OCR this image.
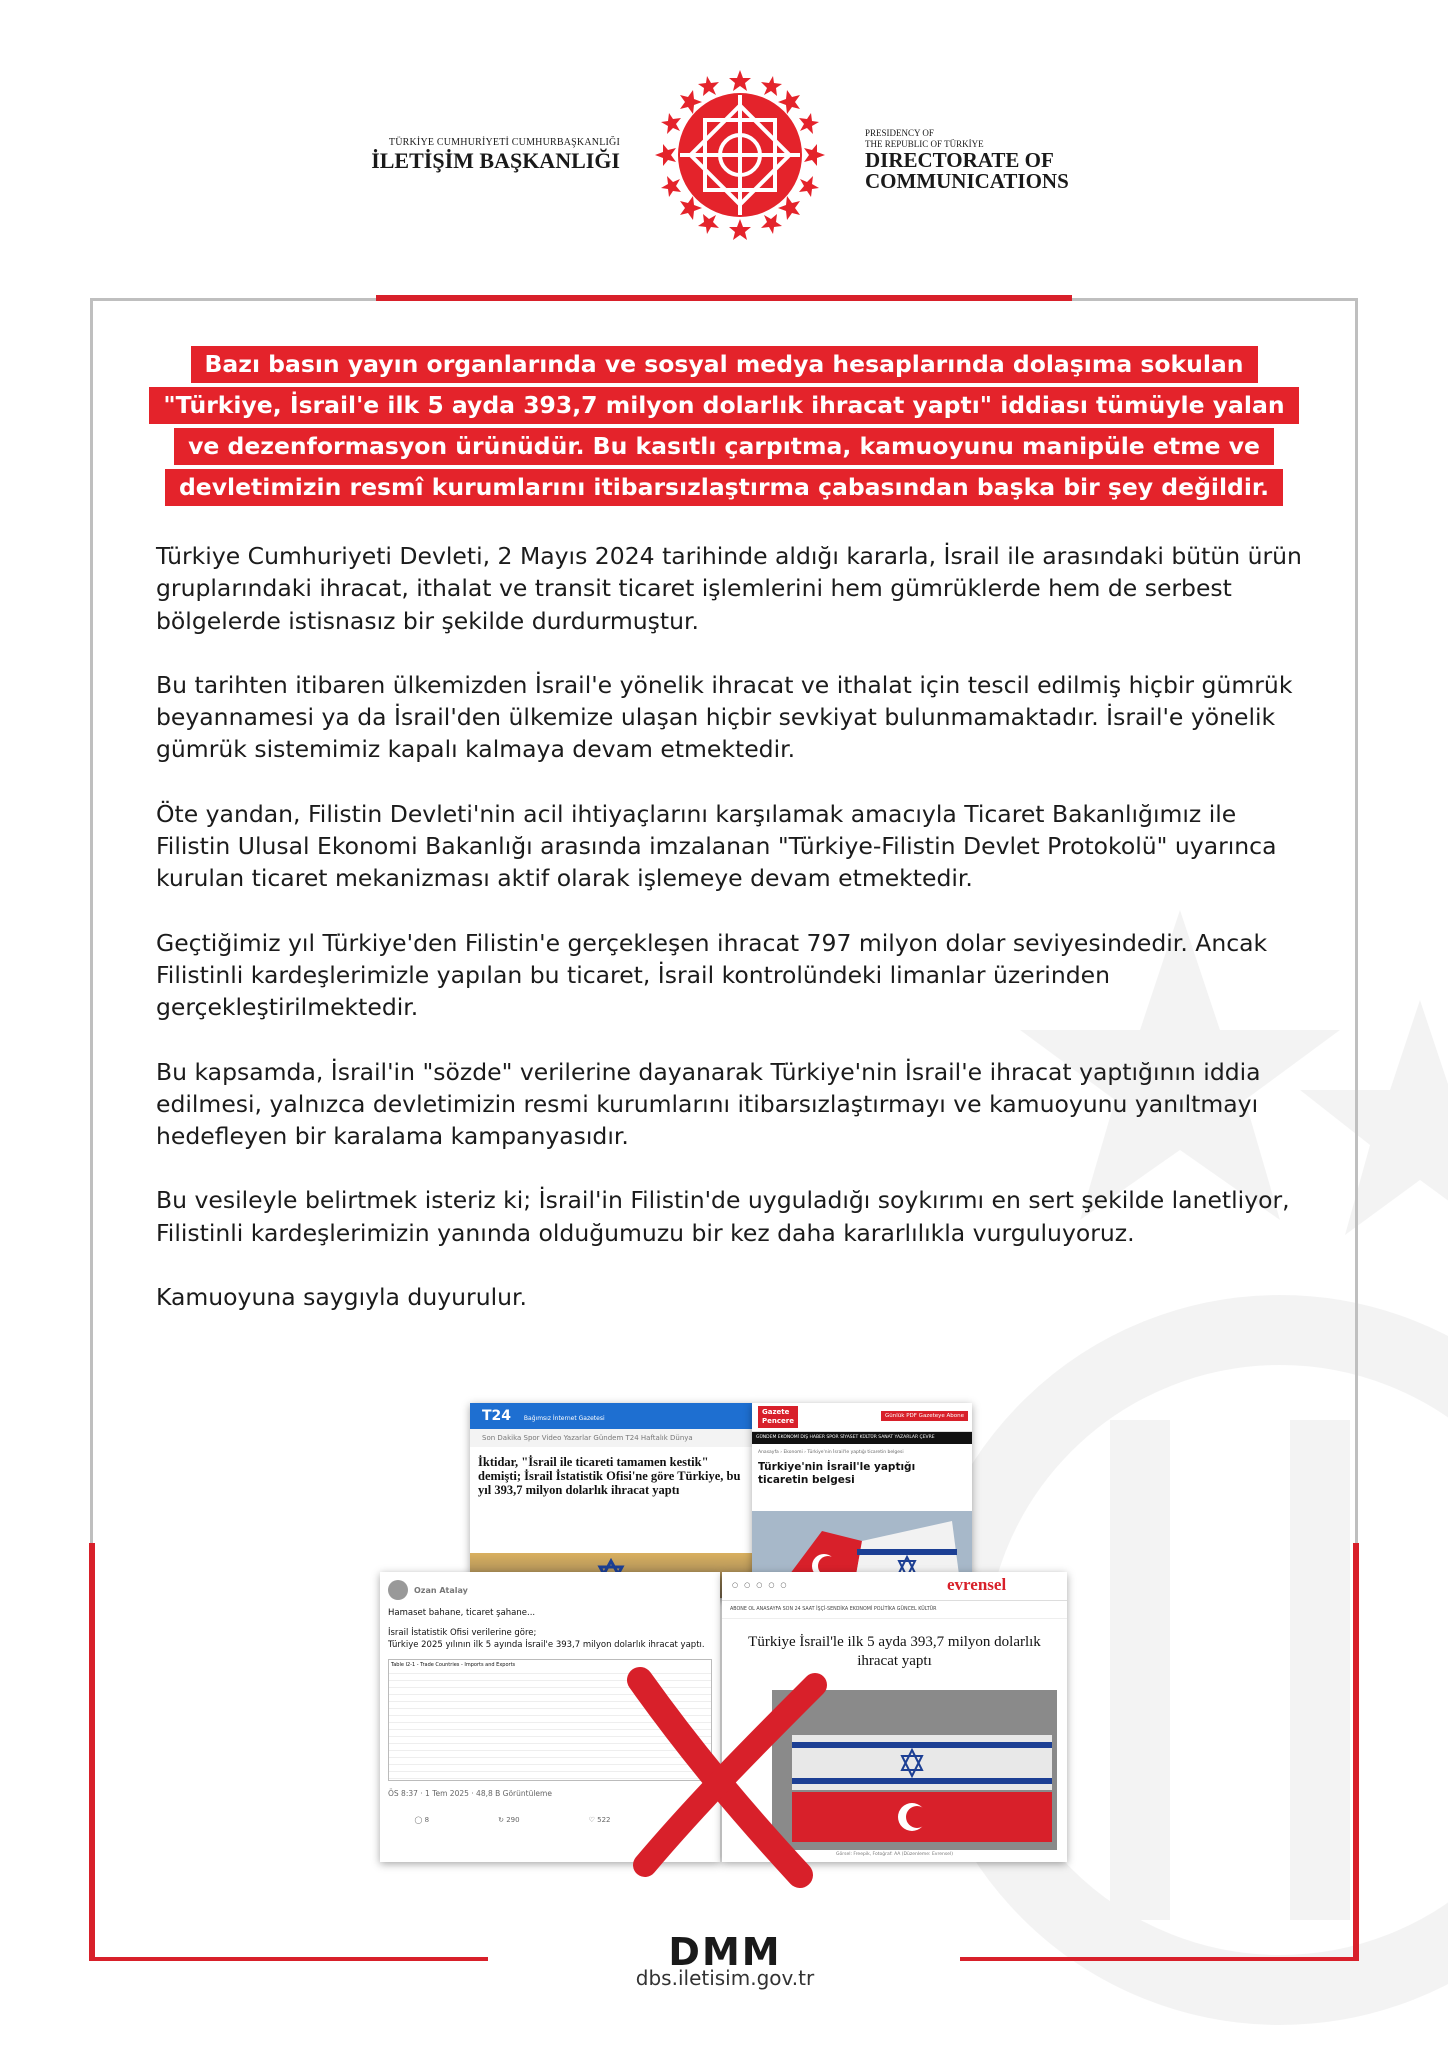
TÜRKİYE CUMHURİYETİ CUMHURBAŞKANLIĞI
İLETİŞİM BAŞKANLIĞI
PRESIDENCY OF
THE REPUBLIC OF TÜRKİYE
DIRECTORATE OF
COMMUNICATIONS
Bazı basın yayın organlarında ve sosyal medya hesaplarında dolaşıma sokulan
"Türkiye, İsrail'e ilk 5 ayda 393,7 milyon dolarlık ihracat yaptı" iddiası tümüyle yalan
ve dezenformasyon ürünüdür. Bu kasıtlı çarpıtma, kamuoyunu manipüle etme ve
devletimizin resmî kurumlarını itibarsızlaştırma çabasından başka bir şey değildir.

Türkiye Cumhuriyeti Devleti, 2 Mayıs 2024 tarihinde aldığı kararla, İsrail ile arasındaki bütün ürün gruplarındaki ihracat, ithalat ve transit ticaret işlemlerini hem gümrüklerde hem de serbest bölgelerde istisnasız bir şekilde durdurmuştur.

Bu tarihten itibaren ülkemizden İsrail'e yönelik ihracat ve ithalat için tescil edilmiş hiçbir gümrük beyannamesi ya da İsrail'den ülkemize ulaşan hiçbir sevkiyat bulunmamaktadır. İsrail'e yönelik gümrük sistemimiz kapalı kalmaya devam etmektedir.

Öte yandan, Filistin Devleti'nin acil ihtiyaçlarını karşılamak amacıyla Ticaret Bakanlığımız ile Filistin Ulusal Ekonomi Bakanlığı arasında imzalanan "Türkiye-Filistin Devlet Protokolü" uyarınca kurulan ticaret mekanizması aktif olarak işlemeye devam etmektedir.

Geçtiğimiz yıl Türkiye'den Filistin'e gerçekleşen ihracat 797 milyon dolar seviyesindedir. Ancak Filistinli kardeşlerimizle yapılan bu ticaret, İsrail kontrolündeki limanlar üzerinden gerçekleştirilmektedir.

Bu kapsamda, İsrail'in "sözde" verilerine dayanarak Türkiye'nin İsrail'e ihracat yaptığının iddia edilmesi, yalnızca devletimizin resmi kurumlarını itibarsızlaştırmayı ve kamuoyunu yanıltmayı hedefleyen bir karalama kampanyasıdır.

Bu vesileyle belirtmek isteriz ki; İsrail'in Filistin'de uyguladığı soykırımı en sert şekilde lanetliyor, Filistinli kardeşlerimizin yanında olduğumuzu bir kez daha kararlılıkla vurguluyoruz.

Kamuoyuna saygıyla duyurulur.

T24 Bağımsız İnternet Gazetesi
Son Dakika Spor Video Yazarlar Gündem T24 Haftalık Dünya
İktidar, "İsrail ile ticareti tamamen kestik" demişti; İsrail İstatistik Ofisi'ne göre Türkiye, bu yıl 393,7 milyon dolarlık ihracat yaptı
Gazete
Pencere
Günlük PDF Gazeteye Abone
GÜNDEM EKONOMİ DIŞ HABER SPOR SİYASET KÜLTÜR SANAT YAZARLAR ÇEVRE
Anasayfa › Ekonomi › Türkiye'nin İsrail'le yaptığı ticaretin belgesi
Türkiye'nin İsrail'le yaptığı ticaretin belgesi
Ozan Atalay
Hamaset bahane, ticaret şahane...
İsrail İstatistik Ofisi verilerine göre;
Türkiye 2025 yılının ilk 5 ayında İsrail'e 393,7 milyon dolarlık ihracat yaptı.
Table I2-1 - Trade Countries - Imports and Exports
ÖS 8:37 · 1 Tem 2025 · 48,8 B Görüntüleme
◯ 8	↻ 290	♡ 522	⇧
○○○○○	evrensel
ABONE OL ANASAYFA SON 24 SAAT İŞÇİ-SENDİKA EKONOMİ POLİTİKA GÜNCEL KÜLTÜR
Türkiye İsrail'le ilk 5 ayda 393,7 milyon dolarlık ihracat yaptı
Görsel: Freepik, Fotoğraf: AA (Düzenleme: Evrensel)
DMM
dbs.iletisim.gov.tr
